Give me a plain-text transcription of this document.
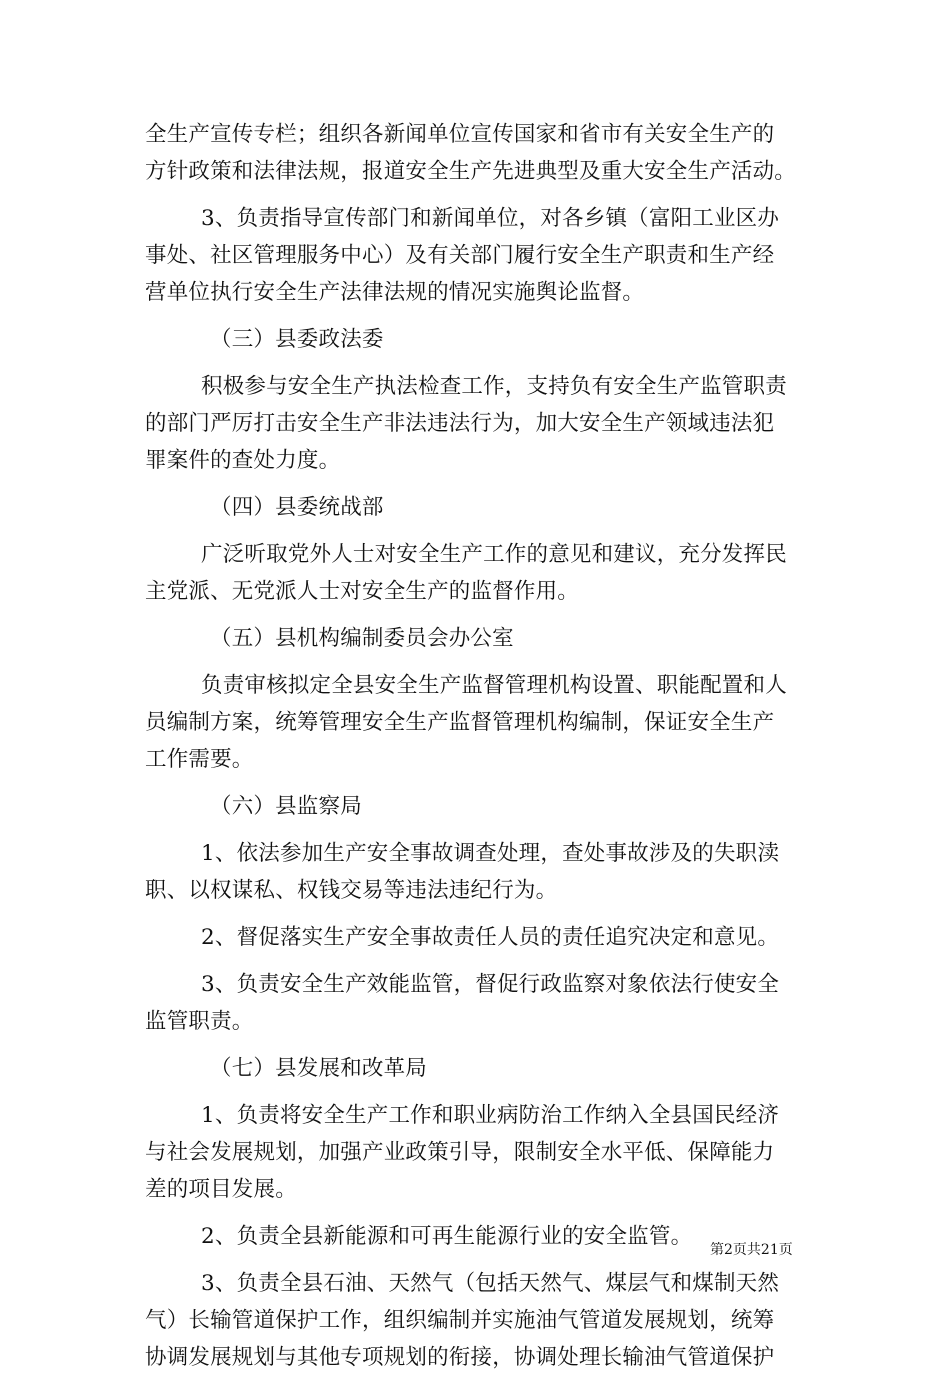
全生产宣传专栏；组织各新闻单位宣传国家和省市有关安全生产的
方针政策和法律法规，报道安全生产先进典型及重大安全生产活动。
3、负责指导宣传部门和新闻单位，对各乡镇（富阳工业区办
事处、社区管理服务中心）及有关部门履行安全生产职责和生产经
营单位执行安全生产法律法规的情况实施舆论监督。
（三）县委政法委
积极参与安全生产执法检查工作，支持负有安全生产监管职责
的部门严厉打击安全生产非法违法行为，加大安全生产领域违法犯
罪案件的查处力度。
（四）县委统战部
广泛听取党外人士对安全生产工作的意见和建议，充分发挥民
主党派、无党派人士对安全生产的监督作用。
（五）县机构编制委员会办公室
负责审核拟定全县安全生产监督管理机构设置、职能配置和人
员编制方案，统筹管理安全生产监督管理机构编制，保证安全生产
工作需要。
（六）县监察局
1、依法参加生产安全事故调查处理，查处事故涉及的失职渎
职、以权谋私、权钱交易等违法违纪行为。
2、督促落实生产安全事故责任人员的责任追究决定和意见。
3、负责安全生产效能监管，督促行政监察对象依法行使安全
监管职责。
（七）县发展和改革局
1、负责将安全生产工作和职业病防治工作纳入全县国民经济
与社会发展规划，加强产业政策引导，限制安全水平低、保障能力
差的项目发展。
2、负责全县新能源和可再生能源行业的安全监管。
3、负责全县石油、天然气（包括天然气、煤层气和煤制天然
气）长输管道保护工作，组织编制并实施油气管道发展规划，统筹
协调发展规划与其他专项规划的衔接，协调处理长输油气管道保护
第2页共21页
